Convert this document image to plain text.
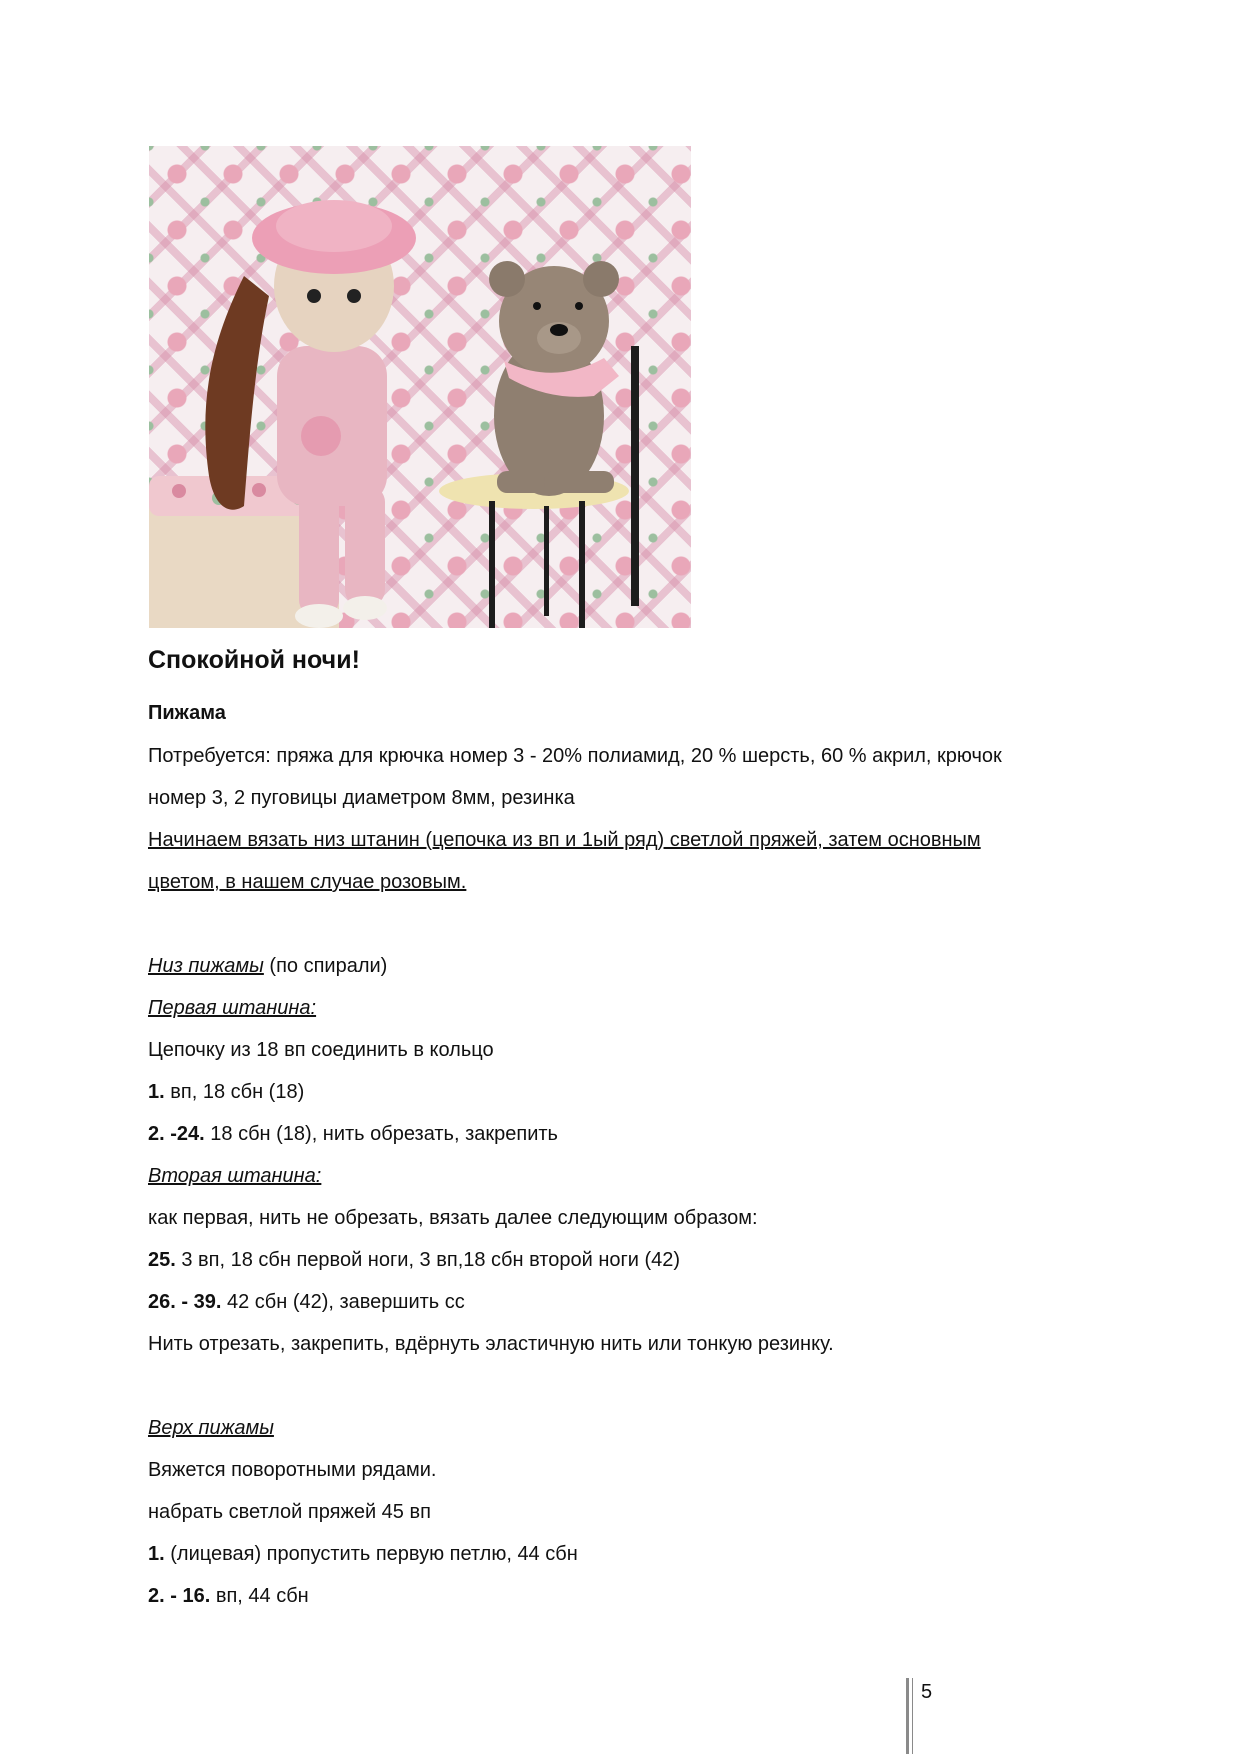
Спокойной ночи!
Пижама
Потребуется: пряжа для крючка номер 3 - 20% полиамид, 20 % шерсть, 60 % акрил, крючок
номер 3, 2 пуговицы диаметром 8мм, резинка
Начинаем вязать низ штанин (цепочка из вп и 1ый ряд) светлой пряжей, затем основным
цветом, в нашем случае розовым.
Низ пижамы (по спирали)
Первая штанина:
Цепочку из 18 вп соединить в кольцо
1. вп, 18 сбн (18)
2. -24. 18 сбн (18), нить обрезать, закрепить
Вторая штанина:
как первая, нить не обрезать, вязать далее следующим образом:
25. 3 вп, 18 сбн первой ноги, 3 вп,18 сбн второй ноги (42)
26. - 39. 42 сбн (42), завершить сс
Нить отрезать, закрепить, вдёрнуть эластичную нить или тонкую резинку.
Верх пижамы
Вяжется поворотными рядами.
набрать светлой пряжей 45 вп
1. (лицевая) пропустить первую петлю, 44 сбн
2. - 16. вп, 44 сбн
5
